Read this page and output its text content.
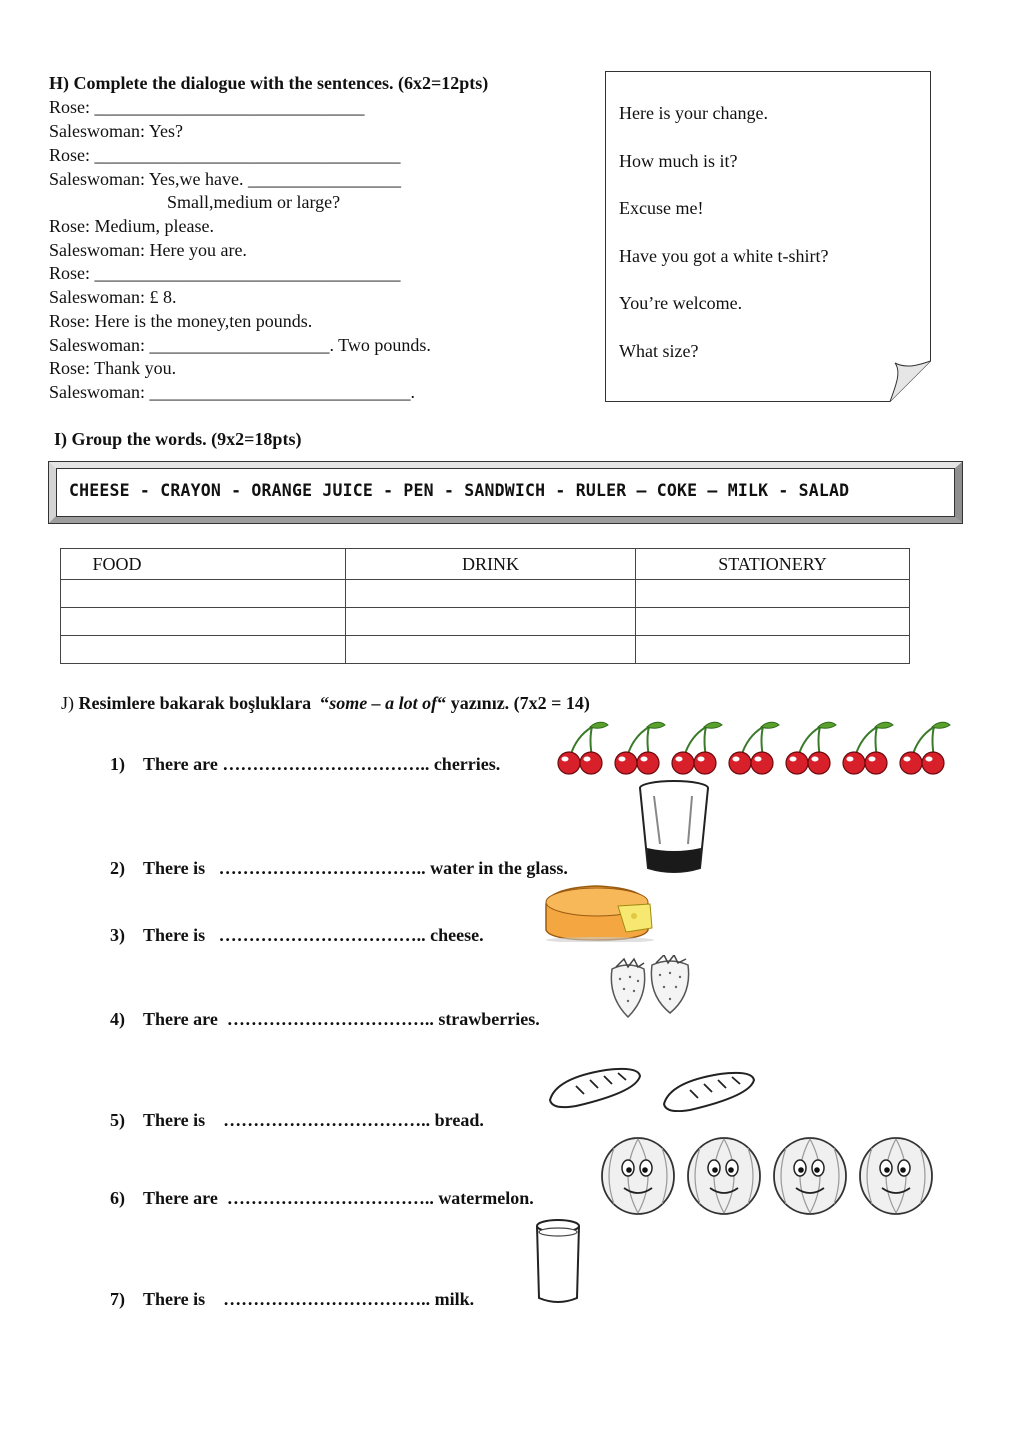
H) Complete the dialogue with the sentences. (6x2=12pts)
Rose: ______________________________
Saleswoman: Yes?
Rose: __________________________________
Saleswoman: Yes,we have. _________________
Small,medium or large?
Rose: Medium, please.
Saleswoman: Here you are.
Rose: __________________________________
Saleswoman: £ 8.
Rose: Here is the money,ten pounds.
Saleswoman: ____________________. Two pounds.
Rose: Thank you.
Saleswoman: _____________________________.
Here is your change.
How much is it?
Excuse me!
Have you got a white t-shirt?
You’re welcome.
What size?
I) Group the words. (9x2=18pts)
CHEESE - CRAYON - ORANGE JUICE - PEN - SANDWICH - RULER – COKE – MILK - SALAD
FOOD	DRINK	STATIONERY

J) Resimlere bakarak boşluklara  “some – a lot of“ yazınız. (7x2 = 14)
1) There are …………………………….. cherries.
2) There is   …………………………….. water in the glass.
3) There is   …………………………….. cheese.
4) There are  …………………………….. strawberries.
5) There is    …………………………….. bread.
6) There are  …………………………….. watermelon.
7) There is    …………………………….. milk.
